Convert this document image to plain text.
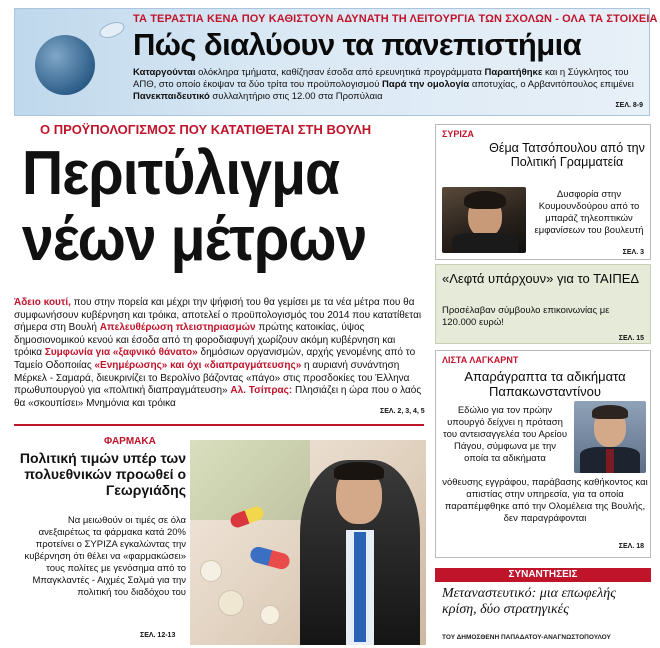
ΤΑ ΤΕΡΑΣΤΙΑ ΚΕΝΑ ΠΟΥ ΚΑΘΙΣΤΟΥΝ ΑΔΥΝΑΤΗ ΤΗ ΛΕΙΤΟΥΡΓΙΑ ΤΩΝ ΣΧΟΛΩΝ - ΟΛΑ ΤΑ ΣΤΟΙΧΕΙΑ
Πώς διαλύουν τα πανεπιστήμια
Καταργούνται ολόκληρα τμήματα, καθίζησαν έσοδα από ερευνητικά προγράμματα Παραιτήθηκε και η Σύγκλητος του ΑΠΘ, στο οποίο έκοψαν τα δύο τρίτα του προϋπολογισμού Παρά την ομολογία αποτυχίας, ο Αρβανιτόπουλος επιμένει Πανεκπαιδευτικό συλλαλητήριο στις 12.00 στα Προπύλαια
ΣΕΛ. 8-9
Ο ΠΡΟΫΠΟΛΟΓΙΣΜΟΣ ΠΟΥ ΚΑΤΑΤΙΘΕΤΑΙ ΣΤΗ ΒΟΥΛΗ
Περιτύλιγμα
νέων μέτρων
Άδειο κουτί, που στην πορεία και μέχρι την ψήφισή του θα γεμίσει με τα νέα μέτρα που θα συμφωνήσουν κυβέρνηση και τρόικα, αποτελεί ο προϋπολογισμός του 2014 που κατατίθεται σήμερα στη Βουλή Απελευθέρωση πλειστηριασμών πρώτης κατοικίας, ύψος δημοσιονομικού κενού και έσοδα από τη φοροδιαφυγή χωρίζουν ακόμη κυβέρνηση και τρόικα Συμφωνία για «ξαφνικό θάνατο» δημόσιων οργανισμών, αρχής γενομένης από το Ταμείο Οδοποιίας «Ενημέρωσης» και όχι «διαπραγμάτευσης» η αυριανή συνάντηση Μέρκελ - Σαμαρά, διευκρινίζει το Βερολίνο βάζοντας «πάγο» στις προσδοκίες του Έλληνα πρωθυπουργού για «πολιτική διαπραγμάτευση» Αλ. Τσίπρας: Πλησιάζει η ώρα που ο λαός θα «σκουπίσει» Μνημόνια και τρόικα
ΣΕΛ. 2, 3, 4, 5
ΣΥΡΙΖΑ
Θέμα Τατσόπουλου από την Πολιτική Γραμματεία
Δυσφορία στην Κουμουνδούρου από το μπαράζ τηλεοπτικών εμφανίσεων του βουλευτή
ΣΕΛ. 3
«Λεφτά υπάρχουν» για το ΤΑΙΠΕΔ
Προσέλαβαν σύμβουλο επικοινωνίας με 120.000 ευρώ!
ΣΕΛ. 15
ΛΙΣΤΑ ΛΑΓΚΑΡΝΤ
Απαράγραπτα τα αδικήματα Παπακωνσταντίνου
Εδώλιο για τον πρώην υπουργό δείχνει η πρόταση του αντεισαγγελέα του Αρείου Πάγου, σύμφωνα με την οποία τα αδικήματα
νόθευσης εγγράφου, παράβασης καθήκοντος και απιστίας στην υπηρεσία, για τα οποία παραπέμφθηκε από την Ολομέλεια της Βουλής, δεν παραγράφονται
ΣΕΛ. 18
ΦΑΡΜΑΚΑ
Πολιτική τιμών υπέρ των πολυεθνικών προωθεί ο Γεωργιάδης
Να μειωθούν οι τιμές σε όλα ανεξαιρέτως τα φάρμακα κατά 20% προτείνει ο ΣΥΡΙΖΑ εγκαλώντας την κυβέρνηση ότι θέλει να «φαρμακώσει» τους πολίτες με γενόσημα από το Μπαγκλαντές - Αιχμές Σαλμά για την πολιτική του διαδόχου του
ΣΕΛ. 12-13
ΣΥΝΑΝΤΗΣΕΙΣ
Μεταναστευτικό: μια επωφελής κρίση, δύο στρατηγικές
ΤΟΥ ΔΗΜΟΣΘΕΝΗ ΠΑΠΑΔΑΤΟΥ-ΑΝΑΓΝΩΣΤΟΠΟΥΛΟΥ
